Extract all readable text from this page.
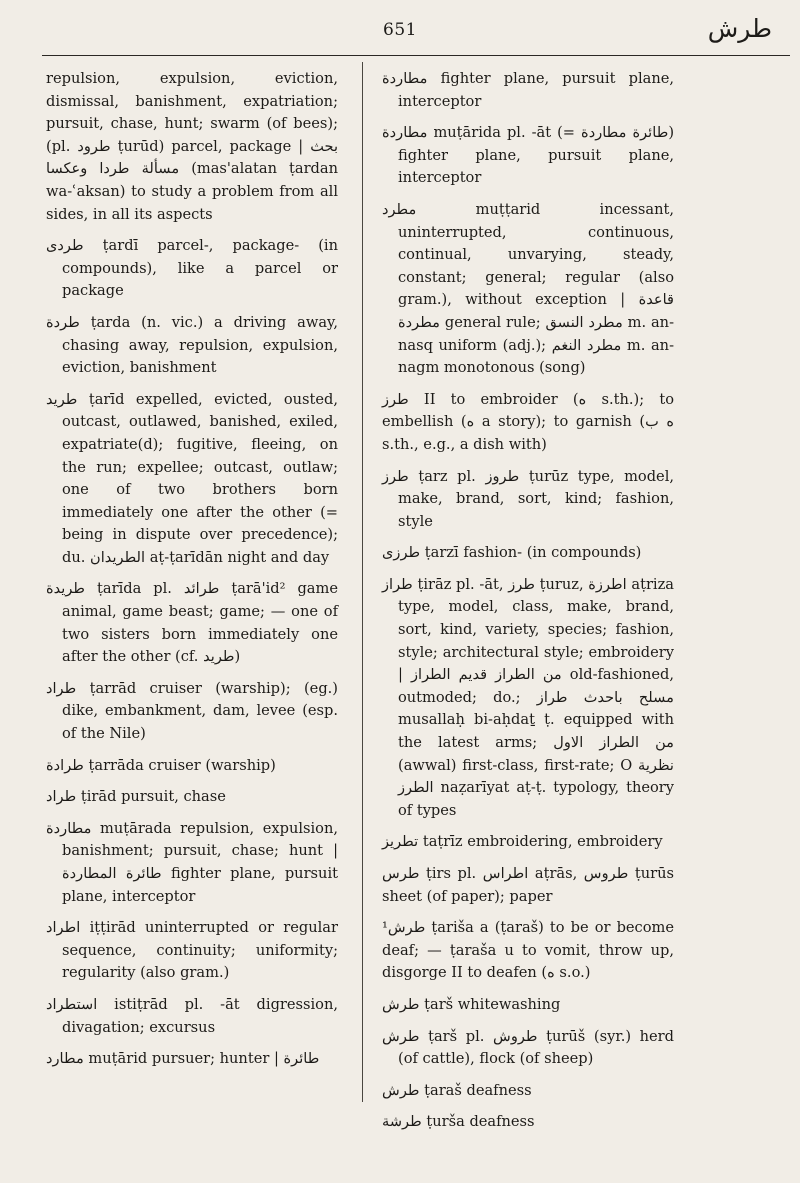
651	طرش

repulsion, expulsion, eviction, dismissal, banishment, expatriation; pursuit, chase, hunt; swarm (of bees); (pl. طرود ṭurūd) parcel, package | بحث مسألة طردا وعكسا (mas'alatan ṭardan wa-ʿaksan) to study a problem from all sides, in all its aspects

طردى ṭardī parcel-, package- (in compounds), like a parcel or package

طردة ṭarda (n. vic.) a driving away, chasing away, repulsion, expulsion, eviction, banishment

طريد ṭarīd expelled, evicted, ousted, outcast, outlawed, banished, exiled, expatriate(d); fugitive, fleeing, on the run; expellee; outcast, outlaw; one of two brothers born immediately one after the other (= being in dispute over precedence); du. الطريدان aṭ-ṭarīdān night and day

طريدة ṭarīda pl. طرائد ṭarā'id² game animal, game beast; game; — one of two sisters born immediately one after the other (cf. طريد)

طراد ṭarrād cruiser (warship); (eg.) dike, embankment, dam, levee (esp. of the Nile)

طرادة ṭarrāda cruiser (warship)

طراد ṭirād pursuit, chase

مطاردة muṭārada repulsion, expulsion, banishment; pursuit, chase; hunt | طائرة المطاردة fighter plane, pursuit plane, interceptor

اطراد iṭṭirād uninterrupted or regular sequence, continuity; uniformity; regularity (also gram.)

استطراد istiṭrād pl. -āt digression, divagation; excursus

مطارد muṭārid pursuer; hunter | طائرة

مطاردة fighter plane, pursuit plane, interceptor

مطاردة muṭārida pl. -āt (= طائرة مطاردة) fighter plane, pursuit plane, interceptor

مطرد muṭṭarid incessant, uninterrupted, continuous, continual, unvarying, steady, constant; general; regular (also gram.), without exception | قاعدة مطردة general rule; مطرد النسق m. an-nasq uniform (adj.); مطرد النغم m. an-nagm monotonous (song)

طرز II to embroider (ه s.th.); to embellish (ه a story); to garnish (ه ب s.th., e.g., a dish with)

طرز ṭarz pl. طروز ṭurūz type, model, make, brand, sort, kind; fashion, style

طرزى ṭarzī fashion- (in compounds)

طراز ṭirāz pl. -āt, طرز ṭuruz, اطرزة aṭriza type, model, class, make, brand, sort, kind, variety, species; fashion, style; architectural style; embroidery | من الطراز قديم الطراز old-fashioned, outmoded; do.; مسلح باحدث طراز musallaḥ bi-aḥdaṯ ṭ. equipped with the latest arms; من الطراز الاول (awwal) first-class, first-rate; O نظرية الطرز naẓarīyat aṭ-ṭ. typology, theory of types

تطريز taṭrīz embroidering, embroidery

طرس ṭirs pl. اطراس aṭrās, طروس ṭurūs sheet (of paper); paper

¹طرش ṭariša a (ṭaraš) to be or become deaf; — ṭaraša u to vomit, throw up, disgorge II to deafen (ه s.o.)

طرش ṭarš whitewashing

طرش ṭarš pl. طروش ṭurūš (syr.) herd (of cattle), flock (of sheep)

طرش ṭaraš deafness

طرشة ṭurša deafness
